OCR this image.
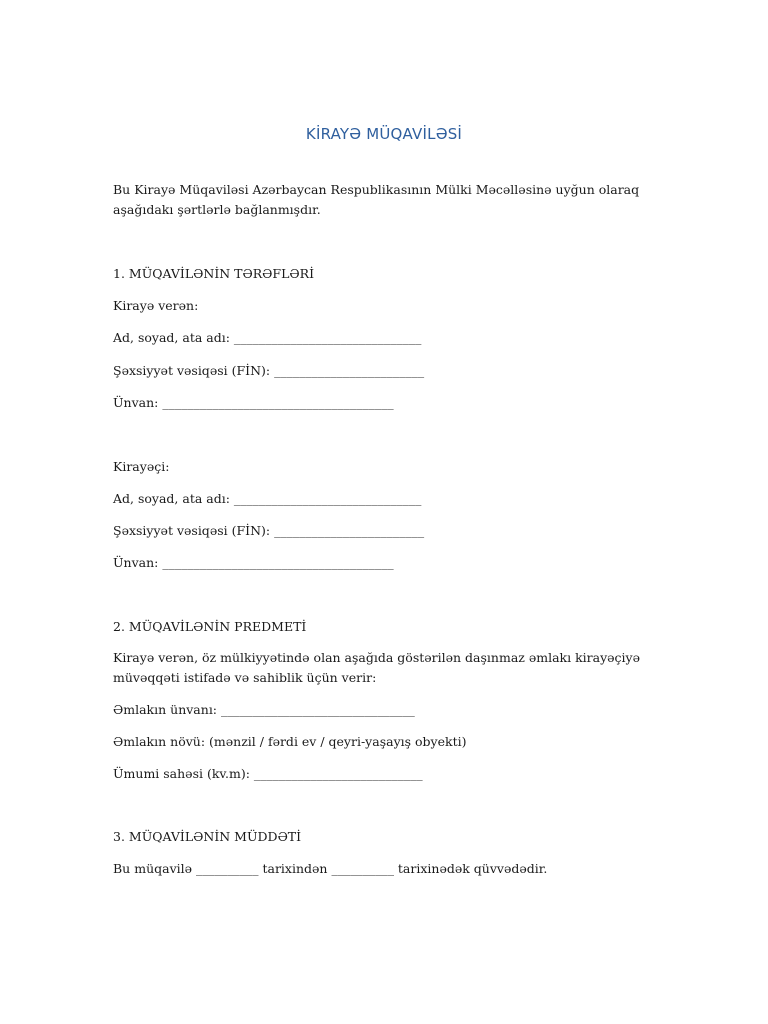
KİRAYƏ MÜQAVİLƏSİ
Bu Kirayə Müqaviləsi Azərbaycan Respublikasının Mülki Məcəlləsinə uyğun olaraq
aşağıdakı şərtlərlə bağlanmışdır.
1. MÜQAVİLƏNİN TƏRƏFLƏRİ
Kirayə verən:
Ad, soyad, ata adı: ______________________________
Şəxsiyyət vəsiqəsi (FİN): ________________________
Ünvan: _____________________________________
Kirayəçi:
Ad, soyad, ata adı: ______________________________
Şəxsiyyət vəsiqəsi (FİN): ________________________
Ünvan: _____________________________________
2. MÜQAVİLƏNİN PREDMETİ
Kirayə verən, öz mülkiyyətində olan aşağıda göstərilən daşınmaz əmlakı kirayəçiyə
müvəqqəti istifadə və sahiblik üçün verir:
Əmlakın ünvanı: _______________________________
Əmlakın növü: (mənzil / fərdi ev / qeyri-yaşayış obyekti)
Ümumi sahəsi (kv.m): ___________________________
3. MÜQAVİLƏNİN MÜDDƏTİ
Bu müqavilə __________ tarixindən __________ tarixinədək qüvvədədir.
